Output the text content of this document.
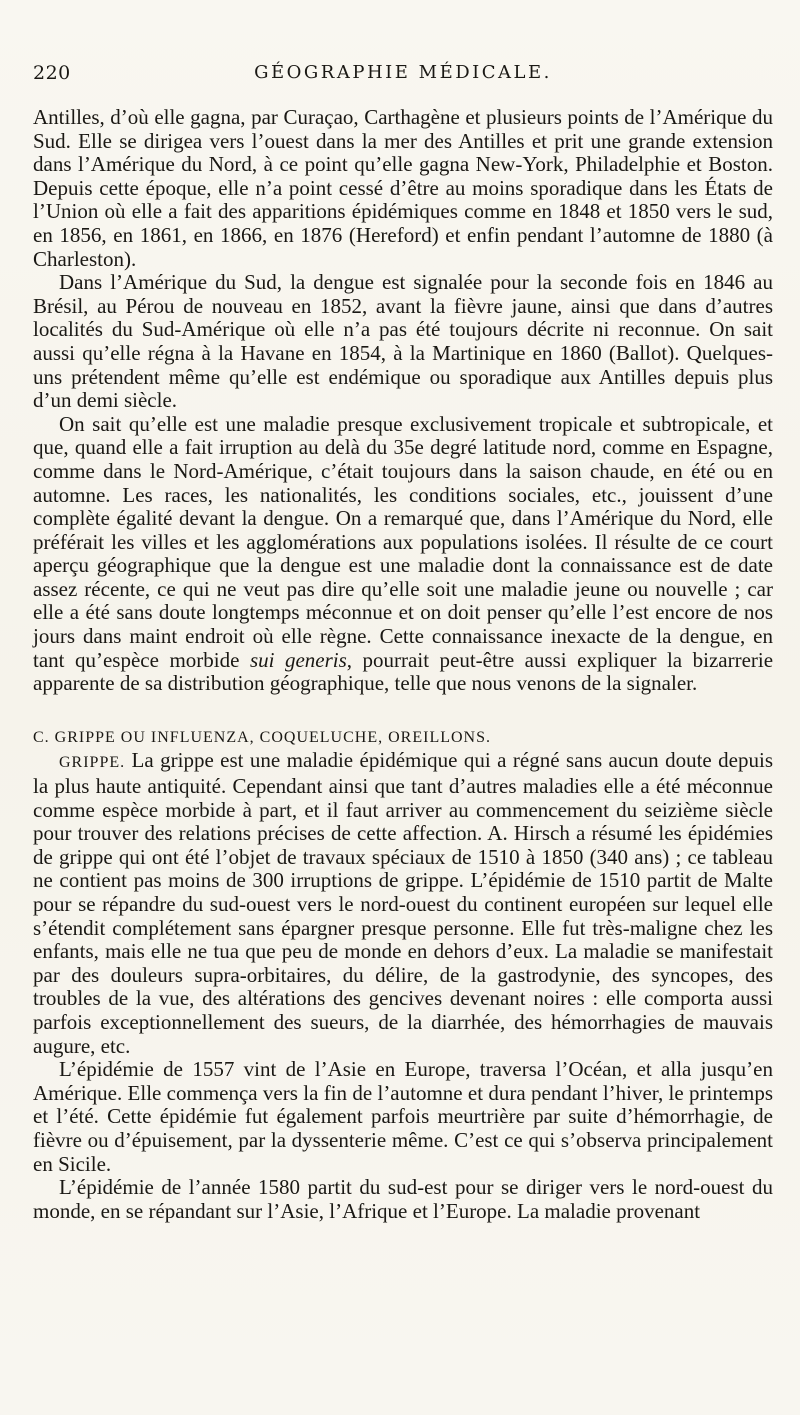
220	GÉOGRAPHIE MÉDICALE.

Antilles, d’où elle gagna, par Curaçao, Carthagène et plusieurs points de l’Amérique du Sud. Elle se dirigea vers l’ouest dans la mer des Antilles et prit une grande extension dans l’Amérique du Nord, à ce point qu’elle gagna New-York, Philadelphie et Boston. Depuis cette époque, elle n’a point cessé d’être au moins sporadique dans les États de l’Union où elle a fait des apparitions épidémiques comme en 1848 et 1850 vers le sud, en 1856, en 1861, en 1866, en 1876 (Hereford) et enfin pendant l’automne de 1880 (à Charleston).

Dans l’Amérique du Sud, la dengue est signalée pour la seconde fois en 1846 au Brésil, au Pérou de nouveau en 1852, avant la fièvre jaune, ainsi que dans d’autres localités du Sud-Amérique où elle n’a pas été toujours décrite ni reconnue. On sait aussi qu’elle régna à la Havane en 1854, à la Martinique en 1860 (Ballot). Quelques-uns prétendent même qu’elle est endémique ou sporadique aux Antilles depuis plus d’un demi siècle.

On sait qu’elle est une maladie presque exclusivement tropicale et subtropicale, et que, quand elle a fait irruption au delà du 35e degré latitude nord, comme en Espagne, comme dans le Nord-Amérique, c’était toujours dans la saison chaude, en été ou en automne. Les races, les nationalités, les conditions sociales, etc., jouissent d’une complète égalité devant la dengue. On a remarqué que, dans l’Amérique du Nord, elle préférait les villes et les agglomérations aux populations isolées. Il résulte de ce court aperçu géographique que la dengue est une maladie dont la connaissance est de date assez récente, ce qui ne veut pas dire qu’elle soit une maladie jeune ou nouvelle ; car elle a été sans doute longtemps méconnue et on doit penser qu’elle l’est encore de nos jours dans maint endroit où elle règne. Cette connaissance inexacte de la dengue, en tant qu’espèce morbide sui generis, pourrait peut-être aussi expliquer la bizarrerie apparente de sa distribution géographique, telle que nous venons de la signaler.

C. GRIPPE OU INFLUENZA, COQUELUCHE, OREILLONS.

GRIPPE. La grippe est une maladie épidémique qui a régné sans aucun doute depuis la plus haute antiquité. Cependant ainsi que tant d’autres maladies elle a été méconnue comme espèce morbide à part, et il faut arriver au commencement du seizième siècle pour trouver des relations précises de cette affection. A. Hirsch a résumé les épidémies de grippe qui ont été l’objet de travaux spéciaux de 1510 à 1850 (340 ans) ; ce tableau ne contient pas moins de 300 irruptions de grippe. L’épidémie de 1510 partit de Malte pour se répandre du sud-ouest vers le nord-ouest du continent européen sur lequel elle s’étendit complétement sans épargner presque personne. Elle fut très-maligne chez les enfants, mais elle ne tua que peu de monde en dehors d’eux. La maladie se manifestait par des douleurs supra-orbitaires, du délire, de la gastrodynie, des syncopes, des troubles de la vue, des altérations des gencives devenant noires : elle comporta aussi parfois exceptionnellement des sueurs, de la diarrhée, des hémorrhagies de mauvais augure, etc.

L’épidémie de 1557 vint de l’Asie en Europe, traversa l’Océan, et alla jusqu’en Amérique. Elle commença vers la fin de l’automne et dura pendant l’hiver, le printemps et l’été. Cette épidémie fut également parfois meurtrière par suite d’hémorrhagie, de fièvre ou d’épuisement, par la dyssenterie même. C’est ce qui s’observa principalement en Sicile.

L’épidémie de l’année 1580 partit du sud-est pour se diriger vers le nord-ouest du monde, en se répandant sur l’Asie, l’Afrique et l’Europe. La maladie provenant
